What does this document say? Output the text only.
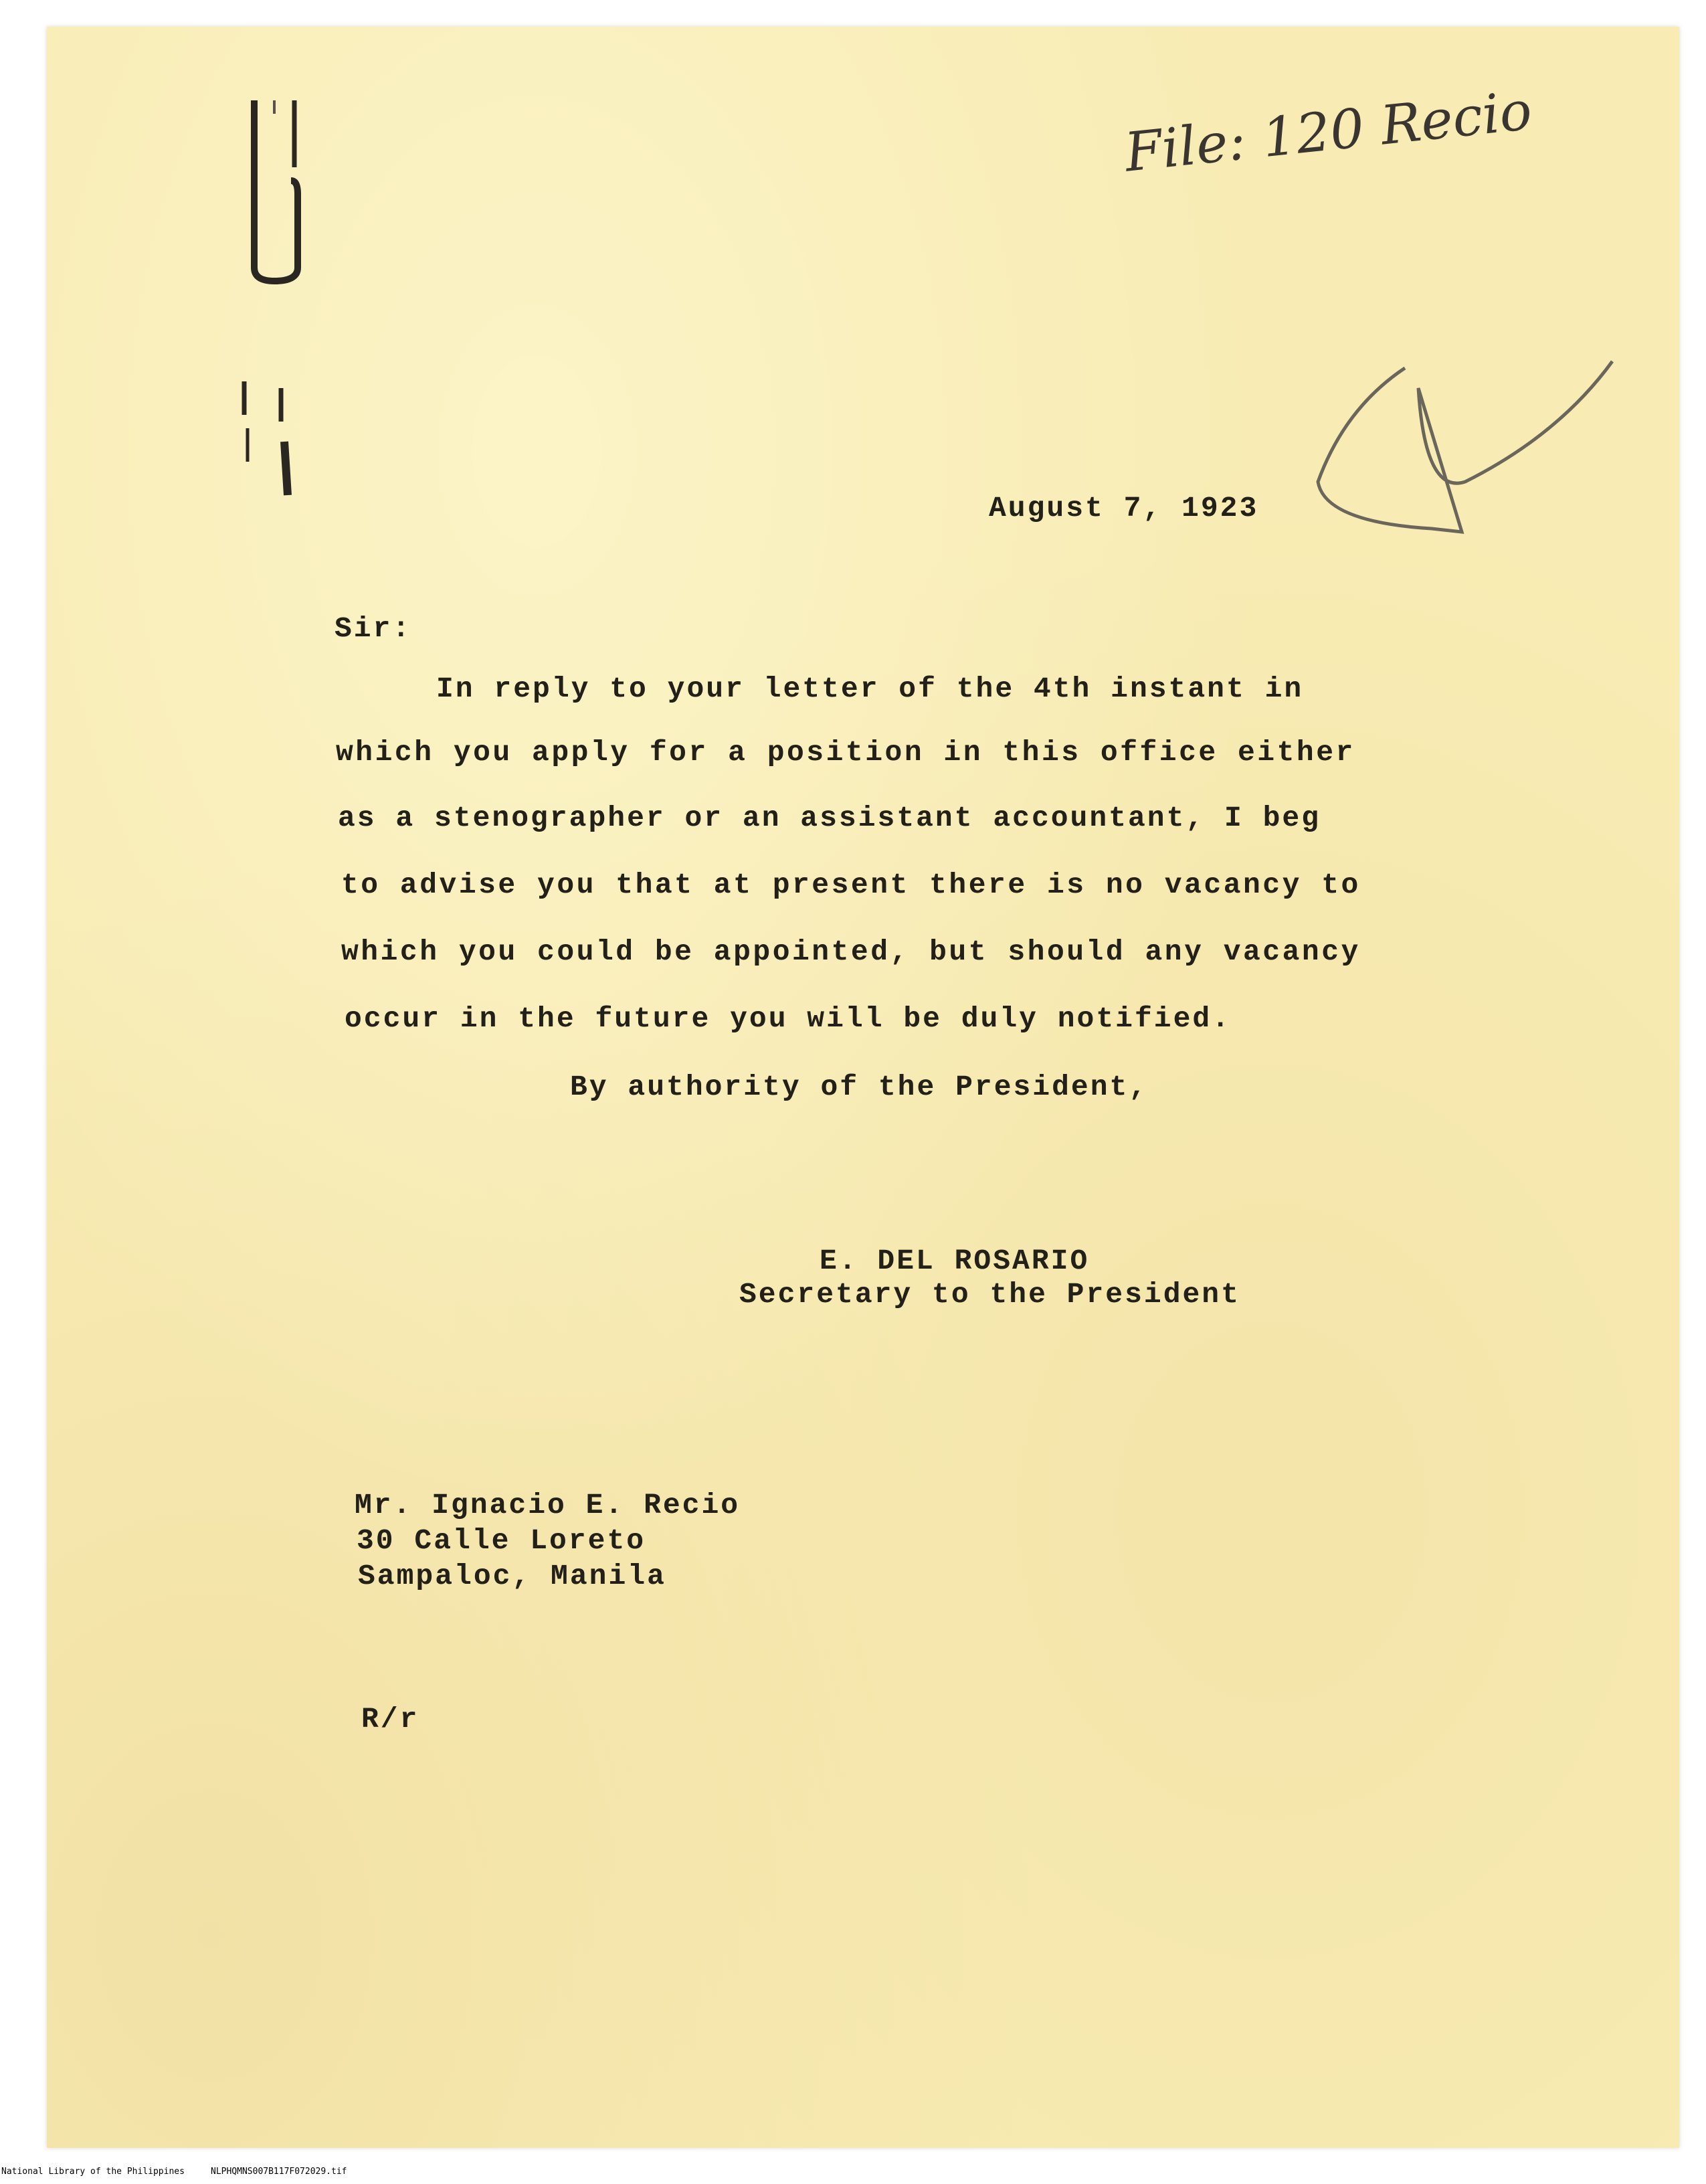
File: 120 Recio

August 7, 1923

Sir:

In reply to your letter of the 4th instant in

which you apply for a position in this office either

as a stenographer or an assistant accountant, I beg

to advise you that at present there is no vacancy to

which you could be appointed, but should any vacancy

occur in the future you will be duly notified.

By authority of the President,

E. DEL ROSARIO

Secretary to the President

Mr. Ignacio E. Recio

30 Calle Loreto

Sampaloc, Manila

R/r

National Library of the Philippines	NLPHQMNS007B117F072029.tif
